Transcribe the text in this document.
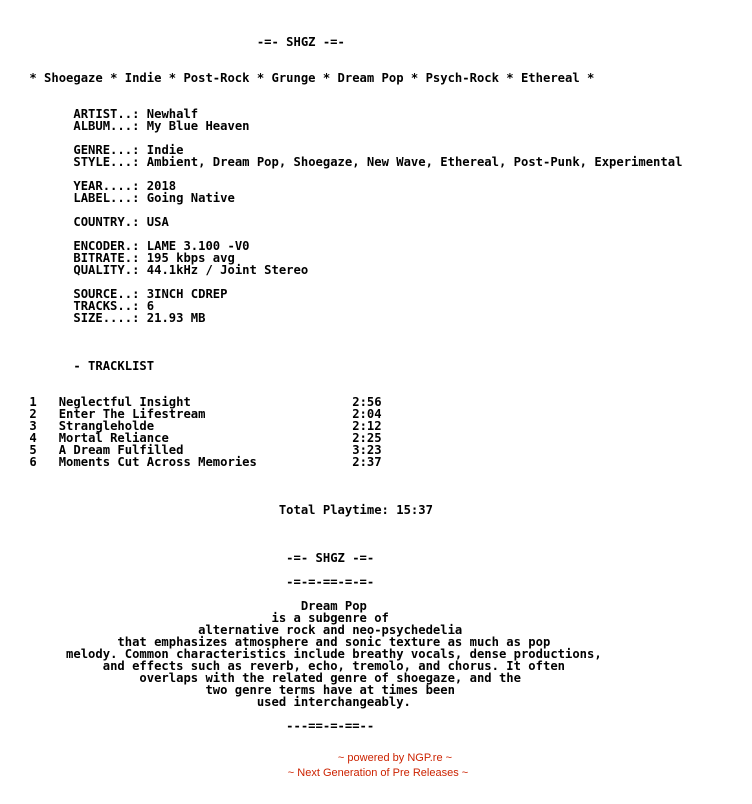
-=- SHGZ -=-
* Shoegaze * Indie * Post-Rock * Grunge * Dream Pop * Psych-Rock * Ethereal *
ARTIST..: Newhalf
ALBUM...: My Blue Heaven
GENRE...: Indie
STYLE...: Ambient, Dream Pop, Shoegaze, New Wave, Ethereal, Post-Punk, Experimental
YEAR....: 2018
LABEL...: Going Native
COUNTRY.: USA
ENCODER.: LAME 3.100 -V0
BITRATE.: 195 kbps avg
QUALITY.: 44.1kHz / Joint Stereo
SOURCE..: 3INCH CDREP
TRACKS..: 6
SIZE....: 21.93 MB
- TRACKLIST
1 Neglectful Insight	2:56
2 Enter The Lifestream	2:04
3 Strangleholde	2:12
4 Mortal Reliance	2:25
5 A Dream Fulfilled	3:23
6 Moments Cut Across Memories	2:37
Total Playtime: 15:37
-=- SHGZ -=-
-=-=-==-=-=-
Dream Pop
is a subgenre of
alternative rock and neo-psychedelia
that emphasizes atmosphere and sonic texture as much as pop
melody. Common characteristics include breathy vocals, dense productions,
and effects such as reverb, echo, tremolo, and chorus. It often
overlaps with the related genre of shoegaze, and the
two genre terms have at times been
used interchangeably.
---==-=-==--
~ powered by NGP.re ~
~ Next Generation of Pre Releases ~
